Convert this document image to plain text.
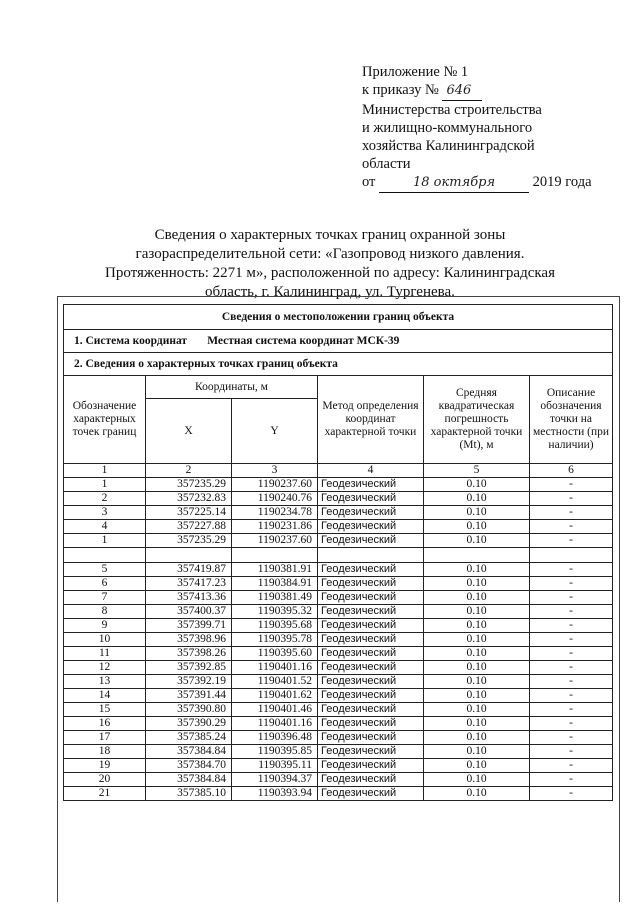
Приложение № 1
к приказу № 646
Министерства строительства
и жилищно-коммунального
хозяйства Калининградской
области
от	18 октября	2019 года
Сведения о характерных точках границ охранной зоны
газораспределительной сети: «Газопровод низкого давления.
Протяженность: 2271 м», расположенной по адресу: Калининградская
область, г. Калининград, ул. Тургенева.
Сведения о местоположении границ объекта					
1. Система координат Местная система координат МСК-39					
2. Сведения о характерных точках границ объекта					
Обозначение характерных точек границ	Координаты, м		Метод определения координат характерной точки	Средняя квадратическая погрешность характерной точки (Mt), м	Описание обозначения точки на местности (при наличии)
	X	Y			
1	2	3	4	5	6
1	357235.29	1190237.60	Геодезический	0.10	-
2	357232.83	1190240.76	Геодезический	0.10	-
3	357225.14	1190234.78	Геодезический	0.10	-
4	357227.88	1190231.86	Геодезический	0.10	-
1	357235.29	1190237.60	Геодезический	0.10	-

5	357419.87	1190381.91	Геодезический	0.10	-
6	357417.23	1190384.91	Геодезический	0.10	-
7	357413.36	1190381.49	Геодезический	0.10	-
8	357400.37	1190395.32	Геодезический	0.10	-
9	357399.71	1190395.68	Геодезический	0.10	-
10	357398.96	1190395.78	Геодезический	0.10	-
11	357398.26	1190395.60	Геодезический	0.10	-
12	357392.85	1190401.16	Геодезический	0.10	-
13	357392.19	1190401.52	Геодезический	0.10	-
14	357391.44	1190401.62	Геодезический	0.10	-
15	357390.80	1190401.46	Геодезический	0.10	-
16	357390.29	1190401.16	Геодезический	0.10	-
17	357385.24	1190396.48	Геодезический	0.10	-
18	357384.84	1190395.85	Геодезический	0.10	-
19	357384.70	1190395.11	Геодезический	0.10	-
20	357384.84	1190394.37	Геодезический	0.10	-
21	357385.10	1190393.94	Геодезический	0.10	-
